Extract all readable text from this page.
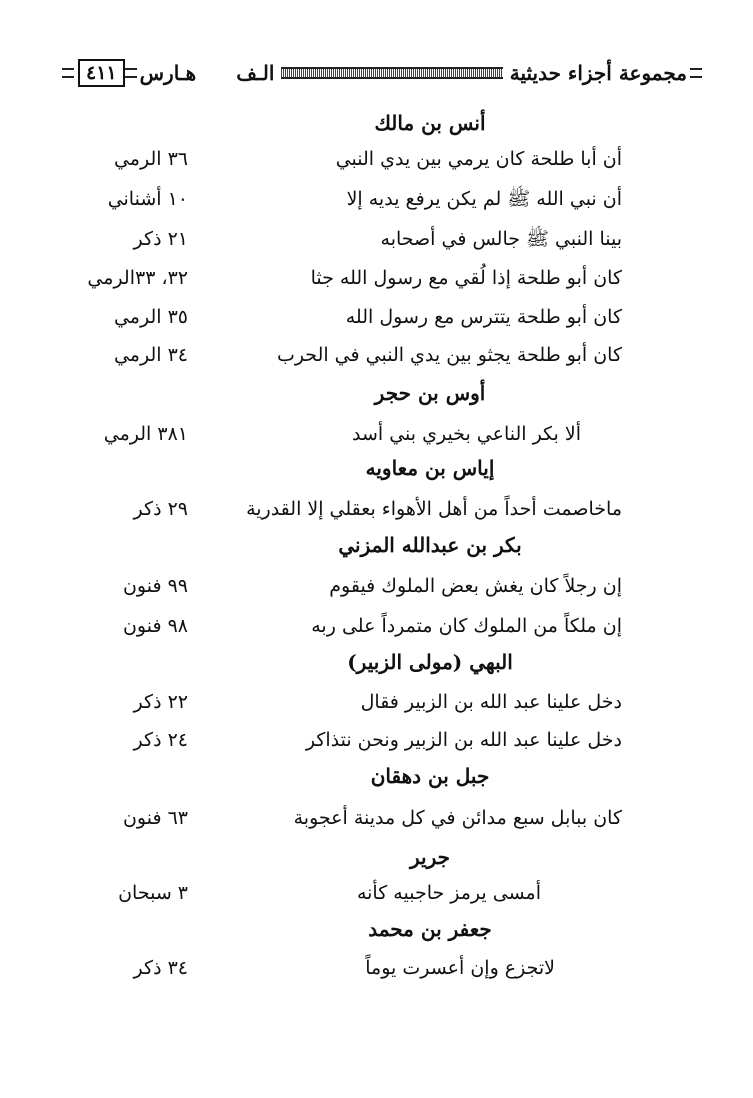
مجموعة أجزاء حديثية
الـف
هـارس
٤١١
أنس بن مالك
أن أبا طلحة كان يرمي بين يدي النبي
٣٦ الرمي
أن نبي الله ﷺ لم يكن يرفع يديه إلا
١٠ أشناني
بينا النبي ﷺ جالس في أصحابه
٢١ ذكر
كان أبو طلحة إذا لُقي مع رسول الله جثا
٣٢، ٣٣الرمي
كان أبو طلحة يتترس مع رسول الله
٣٥ الرمي
كان أبو طلحة يجثو بين يدي النبي في الحرب
٣٤ الرمي
أوس بن حجر
ألا بكر الناعي بخيري بني أسد
٣٨١ الرمي
إياس بن معاويه
ماخاصمت أحداً من أهل الأهواء بعقلي إلا القدرية
٢٩ ذكر
بكر بن عبدالله المزني
إن رجلاً كان يغش بعض الملوك فيقوم
٩٩ فنون
إن ملكاً من الملوك كان متمرداً على ربه
٩٨ فنون
البهي (مولى الزبير)
دخل علينا عبد الله بن الزبير فقال
٢٢ ذكر
دخل علينا عبد الله بن الزبير ونحن نتذاكر
٢٤ ذكر
جبل بن دهقان
كان ببابل سبع مدائن في كل مدينة أعجوبة
٦٣ فنون
جرير
أمسى يرمز حاجبيه كأنه
٣ سبحان
جعفر بن محمد
لاتجزع وإن أعسرت يوماً
٣٤ ذكر
